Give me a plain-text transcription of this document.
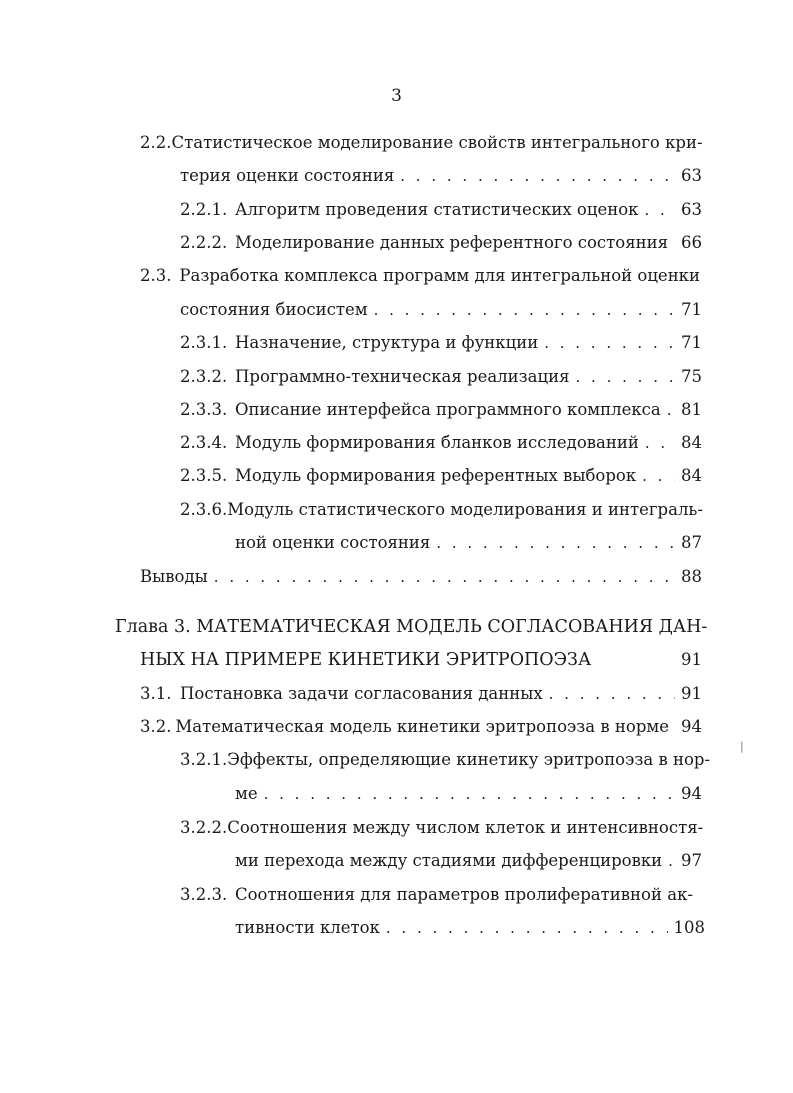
3
2.2. Статистическое моделирование свойств интегрального кри-
терия оценки состояния . . .	63
2.2.1. Алгоритм проведения статистических оценок . . .	63
2.2.2. Моделирование данных референтного состояния . . . 66
2.3. Разработка комплекса программ для интегральной оценки
состояния биосистем . . .	71
2.3.1. Назначение, структура и функции . . .	71
2.3.2. Программно-техническая реализация . . .	75
2.3.3. Описание интерфейса программного комплекса . . . 81
2.3.4. Модуль формирования бланков исследований . . .	84
2.3.5. Модуль формирования референтных выборок . . .	84
2.3.6. Модуль статистического моделирования и интеграль-
ной оценки состояния . . .	87
Выводы . . .	88
Глава 3. МАТЕМАТИЧЕСКАЯ МОДЕЛЬ СОГЛАСОВАНИЯ ДАН-
НЫХ НА ПРИМЕРЕ КИНЕТИКИ ЭРИТРОПОЭЗА	91
3.1. Постановка задачи согласования данных . . .	91
3.2. Математическая модель кинетики эритропоэза в норме 94
3.2.1. Эффекты, определяющие кинетику эритропоэза в нор-
ме . . .	94
3.2.2. Соотношения между числом клеток и интенсивностя-
ми перехода между стадиями дифференцировки . . . 97
3.2.3. Соотношения для параметров пролиферативной ак-
тивности клеток . . .	108
|
